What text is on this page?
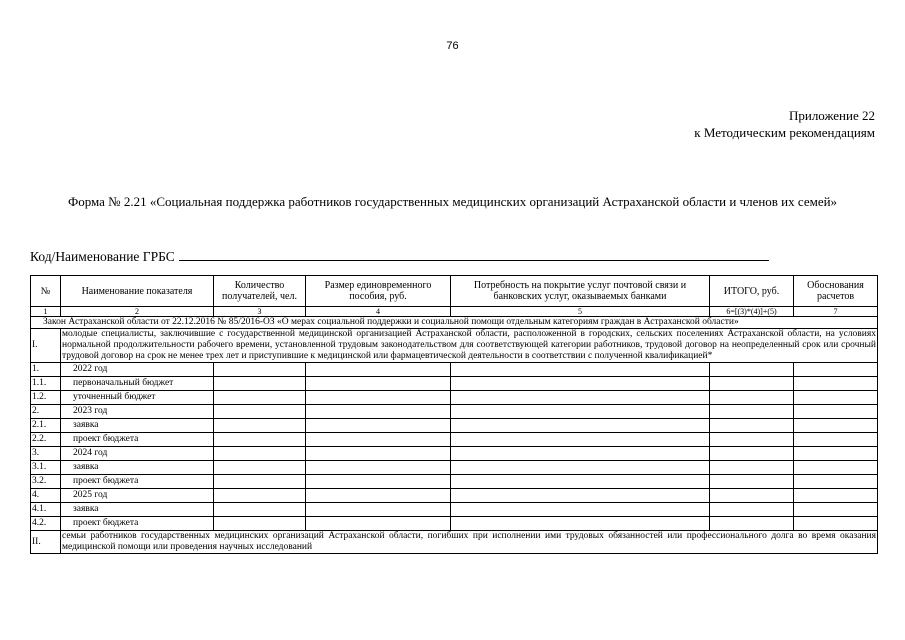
76
Приложение 22
к Методическим рекомендациям
Форма № 2.21 «Социальная поддержка работников государственных медицинских организаций Астраханской области и членов их семей»
Код/Наименование ГРБС
№	Наименование показателя	Количество получателей, чел.	Размер единовременного пособия, руб.	Потребность на покрытие услуг почтовой связи и банковских услуг, оказываемых банками	ИТОГО, руб.	Обоснования расчетов
1	2	3	4	5	6=[(3)*(4)]+(5)	7
Закон Астраханской области от 22.12.2016 № 85/2016-ОЗ «О мерах социальной поддержки и социальной помощи отдельным категориям граждан в Астраханской области»						
I.	молодые специалисты, заключившие с государственной медицинской организацией Астраханской области, расположенной в городских, сельских поселениях Астраханской области, на условиях нормальной продолжительности рабочего времени, установленной трудовым законодательством для соответствующей категории работников, трудовой договор на неопределенный срок или срочный трудовой договор на срок не менее трех лет и приступившие к медицинской или фармацевтической деятельности в соответствии с полученной квалификацией*					
1.	2022 год					
1.1.	первоначальный бюджет					
1.2.	уточненный бюджет					
2.	2023 год					
2.1.	заявка					
2.2.	проект бюджета					
3.	2024 год					
3.1.	заявка					
3.2.	проект бюджета					
4.	2025 год					
4.1.	заявка					
4.2.	проект бюджета					
II.	семьи работников государственных медицинских организаций Астраханской области, погибших при исполнении ими трудовых обязанностей или профессионального долга во время оказания медицинской помощи или проведения научных исследований					
